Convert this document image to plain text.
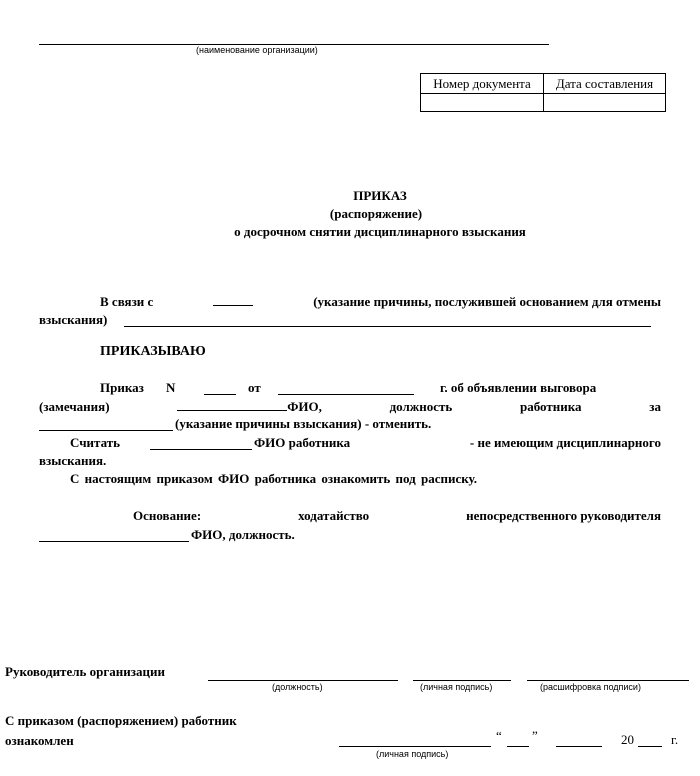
(наименование организации)
Номер документа	Дата составления

ПРИКАЗ
(распоряжение)
о досрочном снятии дисциплинарного взыскания
В связи с	(указание причины, послужившей основанием для отмены
взыскания)
ПРИКАЗЫВАЮ
Приказ N	от	г. об объявлении выговора
(замечания)	ФИО,	должность	работника	за
(указание причины взыскания) - отменить.
Считать	ФИО работника	- не имеющим дисциплинарного
взыскания.
С настоящим приказом ФИО работника ознакомить под расписку.
Основание:	ходатайство	непосредственного руководителя
ФИО, должность.
Руководитель организации
(должность)	(личная подпись)	(расшифровка подписи)
С приказом (распоряжением) работник
ознакомлен
(личная подпись)
“ ”	20	г.
